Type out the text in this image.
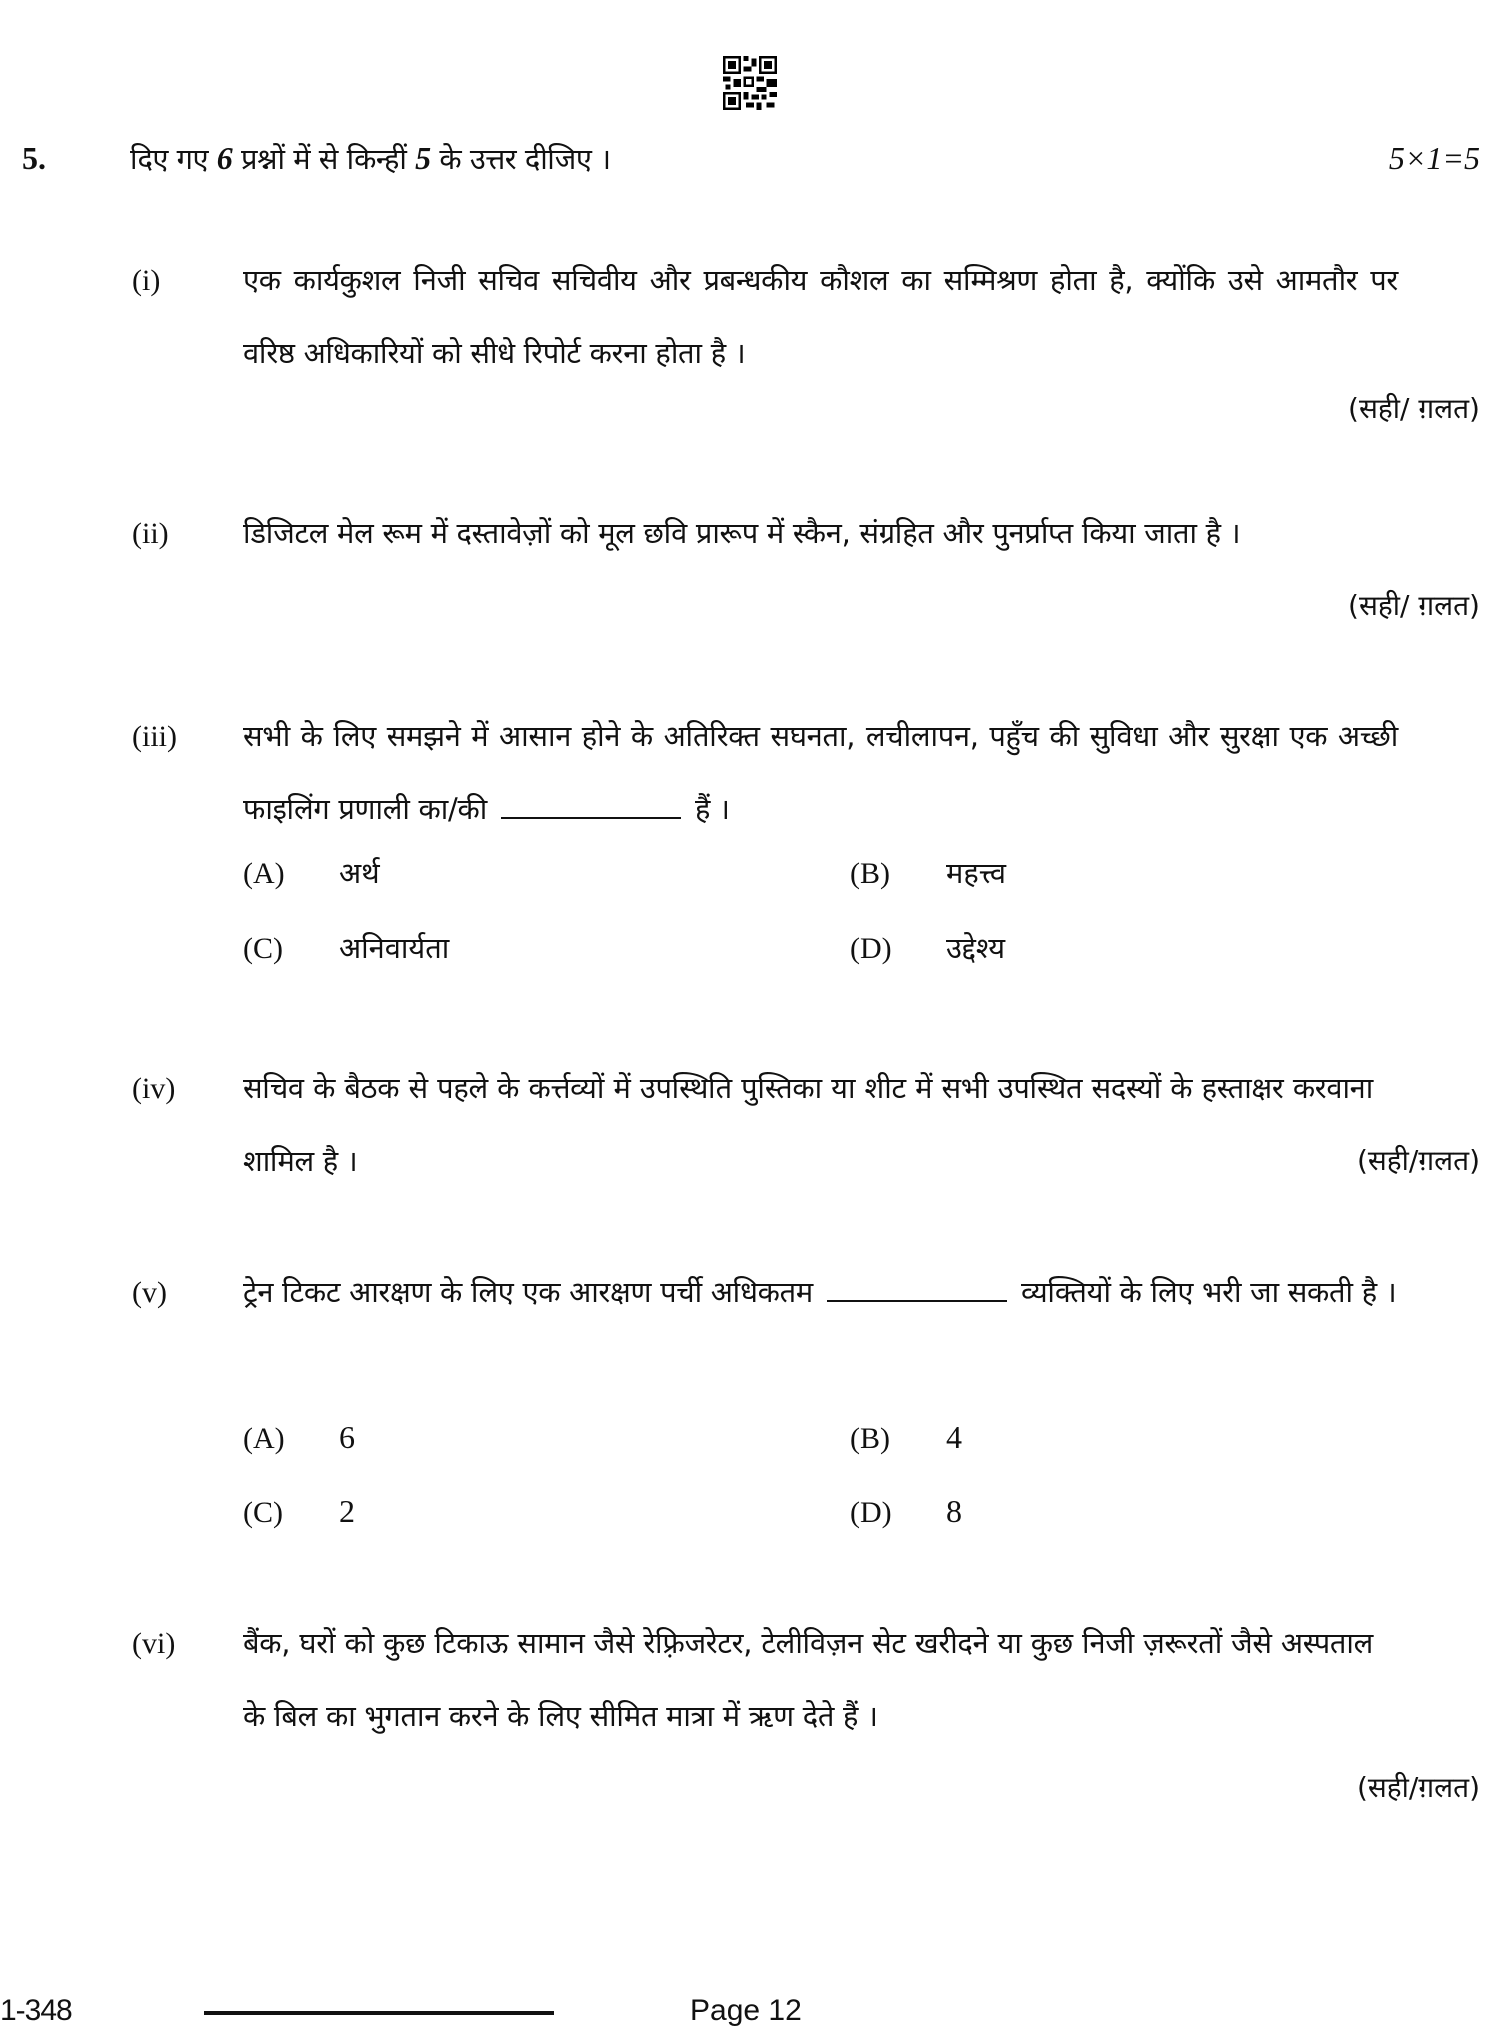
5.	दिए गए 6 प्रश्नों में से किन्हीं 5 के उत्तर दीजिए ।	5×1=5
(i)	एक कार्यकुशल निजी सचिव सचिवीय और प्रबन्धकीय कौशल का सम्मिश्रण होता है, क्योंकि उसे आमतौर पर वरिष्ठ अधिकारियों को सीधे रिपोर्ट करना होता है ।
(सही/ ग़लत)
(ii)	डिजिटल मेल रूम में दस्तावेज़ों को मूल छवि प्रारूप में स्कैन, संग्रहित और पुनर्प्राप्त किया जाता है ।
(सही/ ग़लत)
(iii) सभी के लिए समझने में आसान होने के अतिरिक्त सघनता, लचीलापन, पहुँच की सुविधा और सुरक्षा एक अच्छी फाइलिंग प्रणाली का/की	हैं ।
(A) अर्थ	(B) महत्त्व
(C) अनिवार्यता	(D) उद्देश्य
(iv) सचिव के बैठक से पहले के कर्त्तव्यों में उपस्थिति पुस्तिका या शीट में सभी उपस्थित सदस्यों के हस्ताक्षर करवाना शामिल है ।	(सही/ग़लत)
(v)	ट्रेन टिकट आरक्षण के लिए एक आरक्षण पर्ची अधिकतम	व्यक्तियों के लिए भरी जा सकती है ।
(A) 6	(B) 4
(C) 2	(D) 8
(vi) बैंक, घरों को कुछ टिकाऊ सामान जैसे रेफ़्रिजरेटर, टेलीविज़न सेट खरीदने या कुछ निजी ज़रूरतों जैसे अस्पताल के बिल का भुगतान करने के लिए सीमित मात्रा में ऋण देते हैं ।
(सही/ग़लत)
1-348	Page 12
